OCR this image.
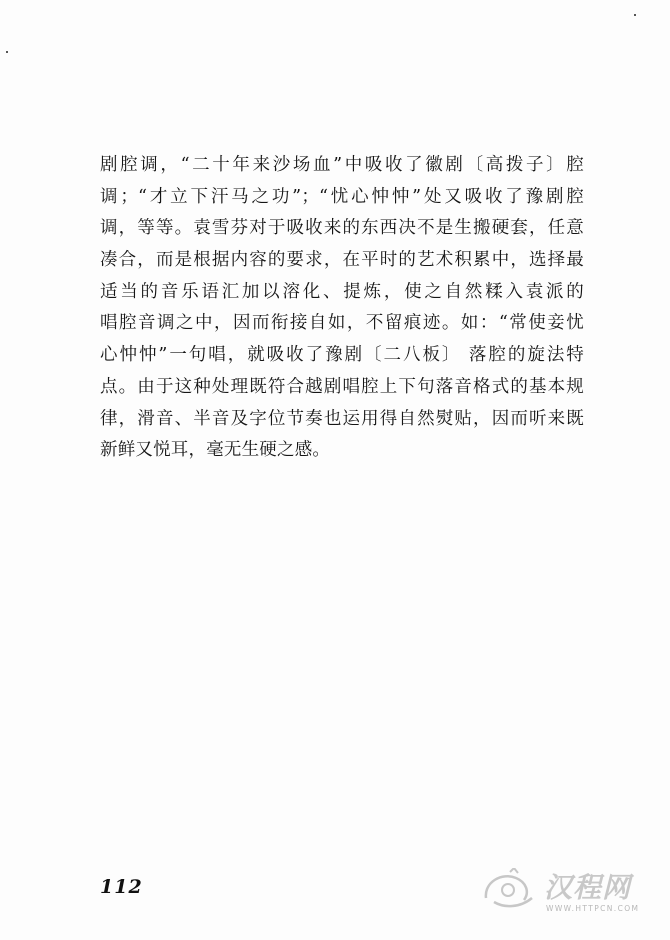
剧腔调，“二十年来沙场血”中吸收了徽剧〔高拨子〕腔
调；“才立下汗马之功”；“忧心忡忡”处又吸收了豫剧腔
调，等等。袁雪芬对于吸收来的东西决不是生搬硬套，任意
凑合，而是根据内容的要求，在平时的艺术积累中，选择最
适当的音乐语汇加以溶化、提炼，使之自然糅入袁派的
唱腔音调之中，因而衔接自如，不留痕迹。如：“常使妾忧
心忡忡”一句唱，就吸收了豫剧〔二八板〕 落腔的旋法特
点。由于这种处理既符合越剧唱腔上下句落音格式的基本规
律，滑音、半音及字位节奏也运用得自然熨贴，因而听来既
新鲜又悦耳，毫无生硬之感。
112	汉程网
WWW.HTTPCN.COM
